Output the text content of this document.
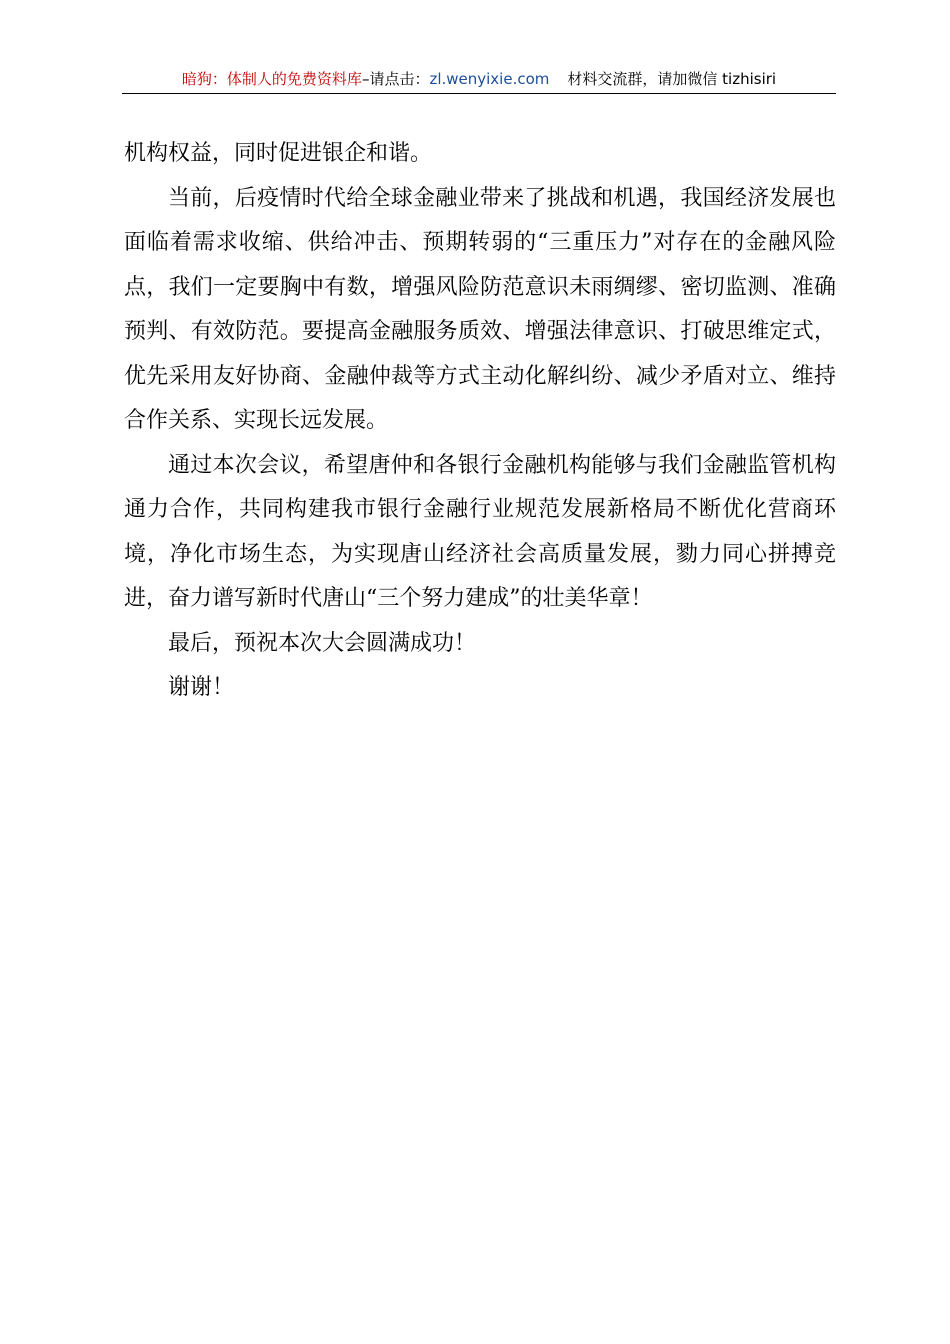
暗狗：体制人的免费资料库–请点击：zl.wenyixie.com 材料交流群，请加微信 tizhisiri

机构权益，同时促进银企和谐。

当前，后疫情时代给全球金融业带来了挑战和机遇，我国经济发展也面临着需求收缩、供给冲击、预期转弱的“三重压力”对存在的金融风险点，我们一定要胸中有数，增强风险防范意识未雨绸缪、密切监测、准确预判、有效防范。要提高金融服务质效、增强法律意识、打破思维定式，优先采用友好协商、金融仲裁等方式主动化解纠纷、减少矛盾对立、维持合作关系、实现长远发展。

通过本次会议，希望唐仲和各银行金融机构能够与我们金融监管机构通力合作，共同构建我市银行金融行业规范发展新格局不断优化营商环境，净化市场生态，为实现唐山经济社会高质量发展，勠力同心拼搏竞进，奋力谱写新时代唐山“三个努力建成”的壮美华章！

最后，预祝本次大会圆满成功！

谢谢！
